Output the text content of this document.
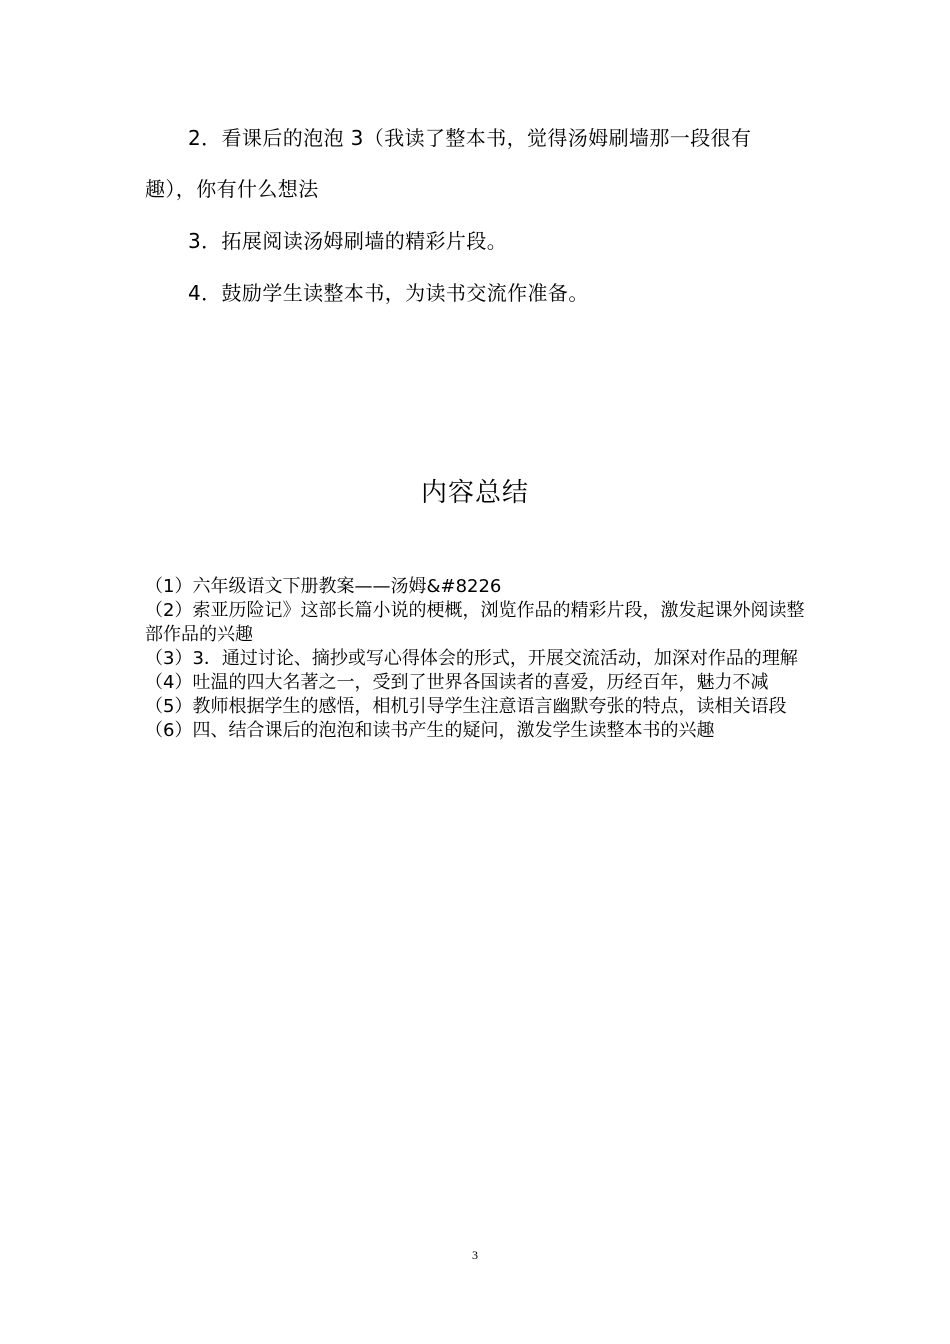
2．看课后的泡泡 3（我读了整本书，觉得汤姆刷墙那一段很有
趣），你有什么想法
3．拓展阅读汤姆刷墙的精彩片段。
4．鼓励学生读整本书，为读书交流作准备。
内容总结

（1）六年级语文下册教案——汤姆&#8226

（2）索亚历险记》这部长篇小说的梗概，浏览作品的精彩片段，激发起课外阅读整部作品的兴趣

（3）3．通过讨论、摘抄或写心得体会的形式，开展交流活动，加深对作品的理解

（4）吐温的四大名著之一，受到了世界各国读者的喜爱，历经百年，魅力不减

（5）教师根据学生的感悟，相机引导学生注意语言幽默夸张的特点，读相关语段

（6）四、结合课后的泡泡和读书产生的疑问，激发学生读整本书的兴趣

3
